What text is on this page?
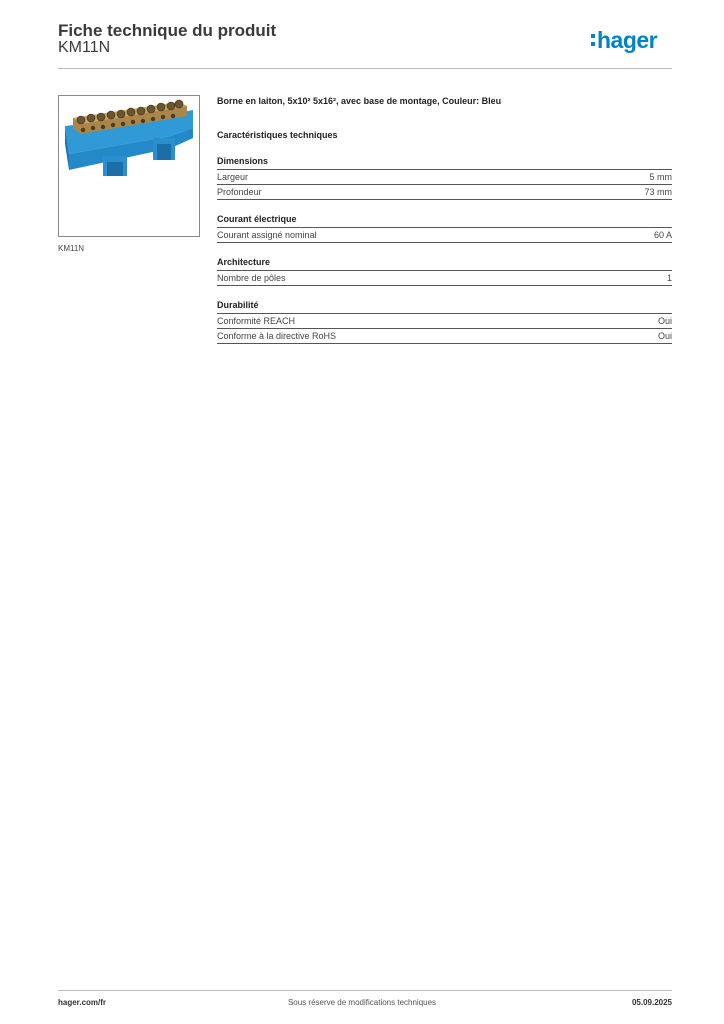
Fiche technique du produit
KM11N	hager
KM11N
Borne en laiton, 5x10² 5x16², avec base de montage, Couleur: Bleu
Caractéristiques techniques
Dimensions
Largeur	5 mm
Profondeur	73 mm
Courant électrique
Courant assigné nominal	60 A
Architecture
Nombre de pôles	1
Durabilité
Conformité REACH	Oui
Conforme à la directive RoHS	Oui
hager.com/fr	Sous réserve de modifications techniques	05.09.2025
